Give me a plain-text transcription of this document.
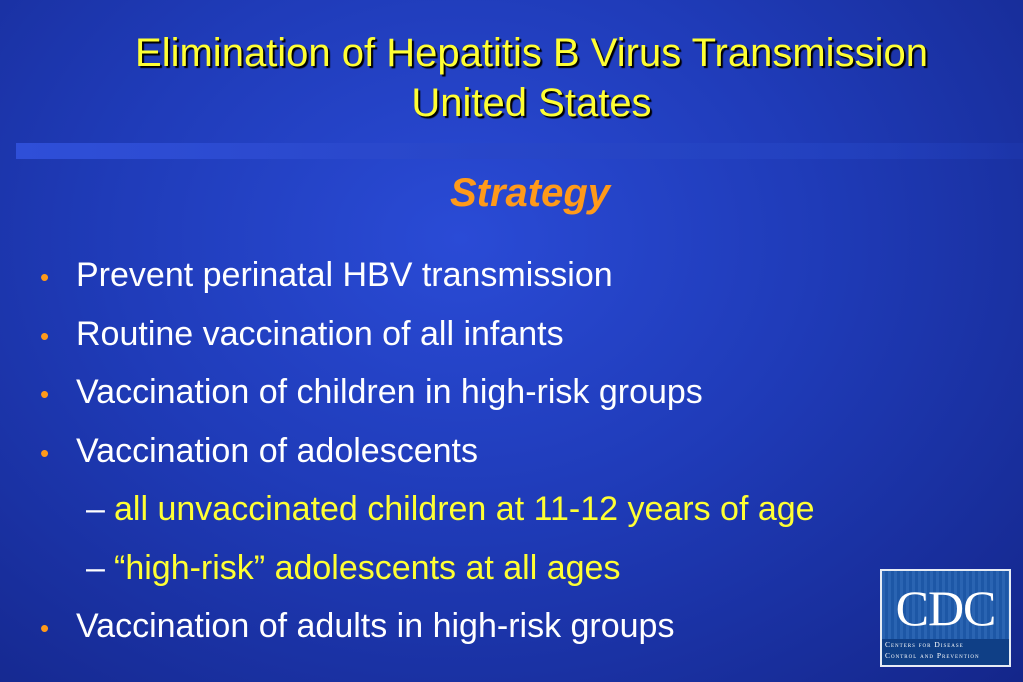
Elimination of Hepatitis B Virus Transmission
United States
Strategy
• Prevent perinatal HBV transmission
• Routine vaccination of all infants
• Vaccination of children in high-risk groups
• Vaccination of adolescents
– all unvaccinated children at 11-12 years of age
– “high-risk” adolescents at all ages
• Vaccination of adults in high-risk groups	CDC
Centers for Disease
Control and Prevention
